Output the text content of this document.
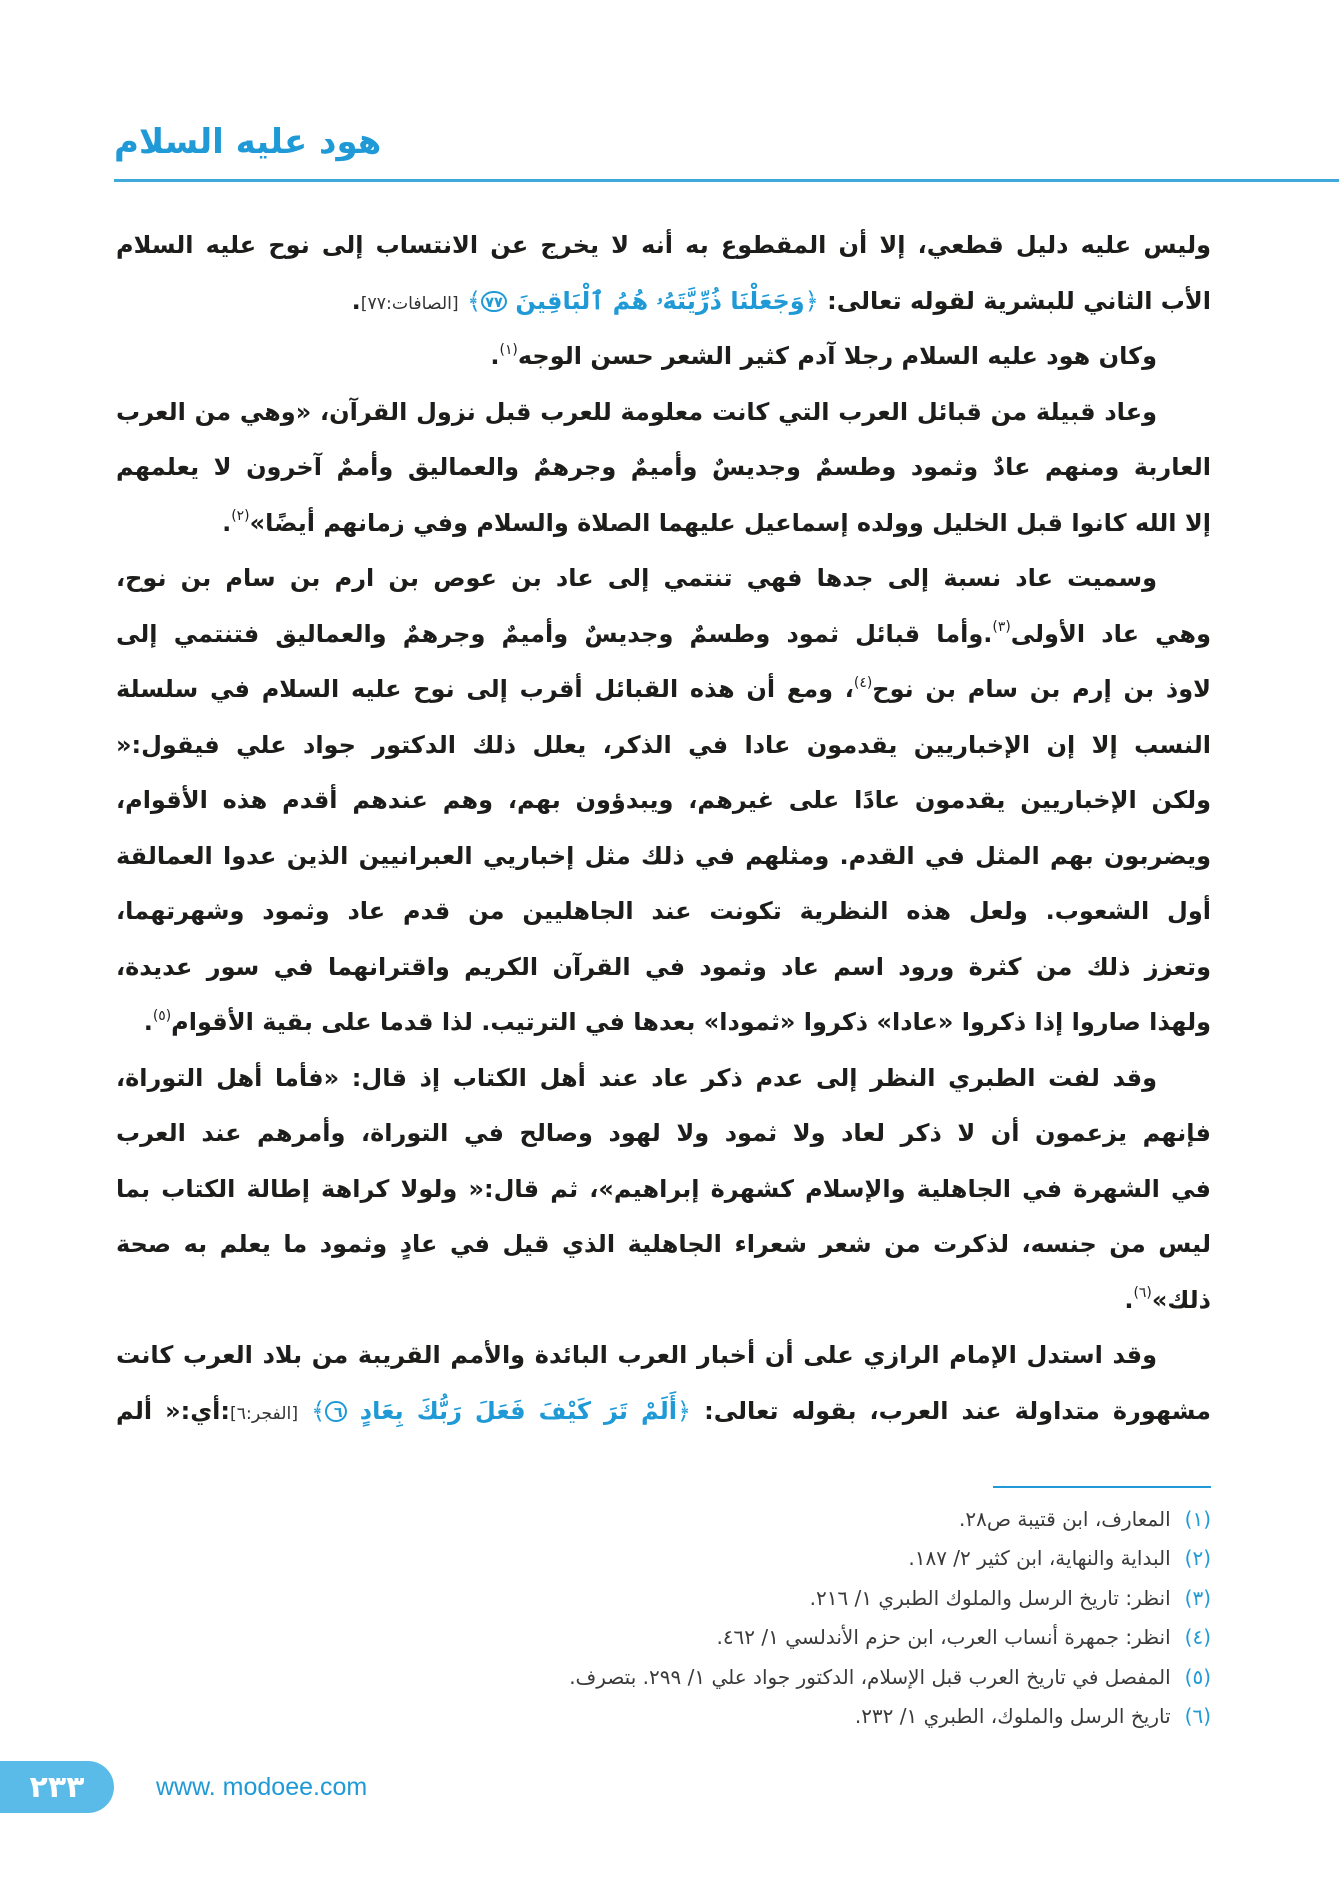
هود عليه السلام
وليس عليه دليل قطعي، إلا أن المقطوع به أنه لا يخرج عن الانتساب إلى نوح عليه السلام
الأب الثاني للبشرية لقوله تعالى: ﴿وَجَعَلْنَا ذُرِّيَّتَهُۥ هُمُ ٱلْبَاقِينَ ٧٧﴾ [الصافات:٧٧].
وكان هود عليه السلام رجلا آدم كثير الشعر حسن الوجه$^{(١)}$.
وعاد قبيلة من قبائل العرب التي كانت معلومة للعرب قبل نزول القرآن، «وهي من العرب
العاربة ومنهم عادٌ وثمود وطسمٌ وجديسٌ وأميمٌ وجرهمٌ والعماليق وأممٌ آخرون لا يعلمهم
إلا الله كانوا قبل الخليل وولده إسماعيل عليهما الصلاة والسلام وفي زمانهم أيضًا»$^{(٢)}$.
وسميت عاد نسبة إلى جدها فهي تنتمي إلى عاد بن عوص بن ارم بن سام بن نوح،
وهي عاد الأولى$^{(٣)}$.وأما قبائل ثمود وطسمٌ وجديسٌ وأميمٌ وجرهمٌ والعماليق فتنتمي إلى
لاوذ بن إرم بن سام بن نوح$^{(٤)}$، ومع أن هذه القبائل أقرب إلى نوح عليه السلام في سلسلة
النسب إلا إن الإخباريين يقدمون عادا في الذكر، يعلل ذلك الدكتور جواد علي فيقول:«
ولكن الإخباريين يقدمون عادًا على غيرهم، ويبدؤون بهم، وهم عندهم أقدم هذه الأقوام،
ويضربون بهم المثل في القدم. ومثلهم في ذلك مثل إخباريي العبرانيين الذين عدوا العمالقة
أول الشعوب. ولعل هذه النظرية تكونت عند الجاهليين من قدم عاد وثمود وشهرتهما،
وتعزز ذلك من كثرة ورود اسم عاد وثمود في القرآن الكريم واقترانهما في سور عديدة،
ولهذا صاروا إذا ذكروا «عادا» ذكروا «ثمودا» بعدها في الترتيب. لذا قدما على بقية الأقوام$^{(٥)}$.
وقد لفت الطبري النظر إلى عدم ذكر عاد عند أهل الكتاب إذ قال: «فأما أهل التوراة،
فإنهم يزعمون أن لا ذكر لعاد ولا ثمود ولا لهود وصالح في التوراة، وأمرهم عند العرب
في الشهرة في الجاهلية والإسلام كشهرة إبراهيم»، ثم قال:« ولولا كراهة إطالة الكتاب بما
ليس من جنسه، لذكرت من شعر شعراء الجاهلية الذي قيل في عادٍ وثمود ما يعلم به صحة
ذلك»$^{(٦)}$.
وقد استدل الإمام الرازي على أن أخبار العرب البائدة والأمم القريبة من بلاد العرب كانت
مشهورة متداولة عند العرب، بقوله تعالى: ﴿أَلَمْ تَرَ كَيْفَ فَعَلَ رَبُّكَ بِعَادٍ ٦﴾ [الفجر:٦]:أي:« ألم
(١) المعارف، ابن قتيبة ص٢٨.
(٢) البداية والنهاية، ابن كثير ٢/ ١٨٧.
(٣) انظر: تاريخ الرسل والملوك الطبري ١/ ٢١٦.
(٤) انظر: جمهرة أنساب العرب، ابن حزم الأندلسي ١/ ٤٦٢.
(٥) المفصل في تاريخ العرب قبل الإسلام، الدكتور جواد علي ١/ ٢٩٩. بتصرف.
(٦) تاريخ الرسل والملوك، الطبري ١/ ٢٣٢.
٢٣٣	www. modoee.com
